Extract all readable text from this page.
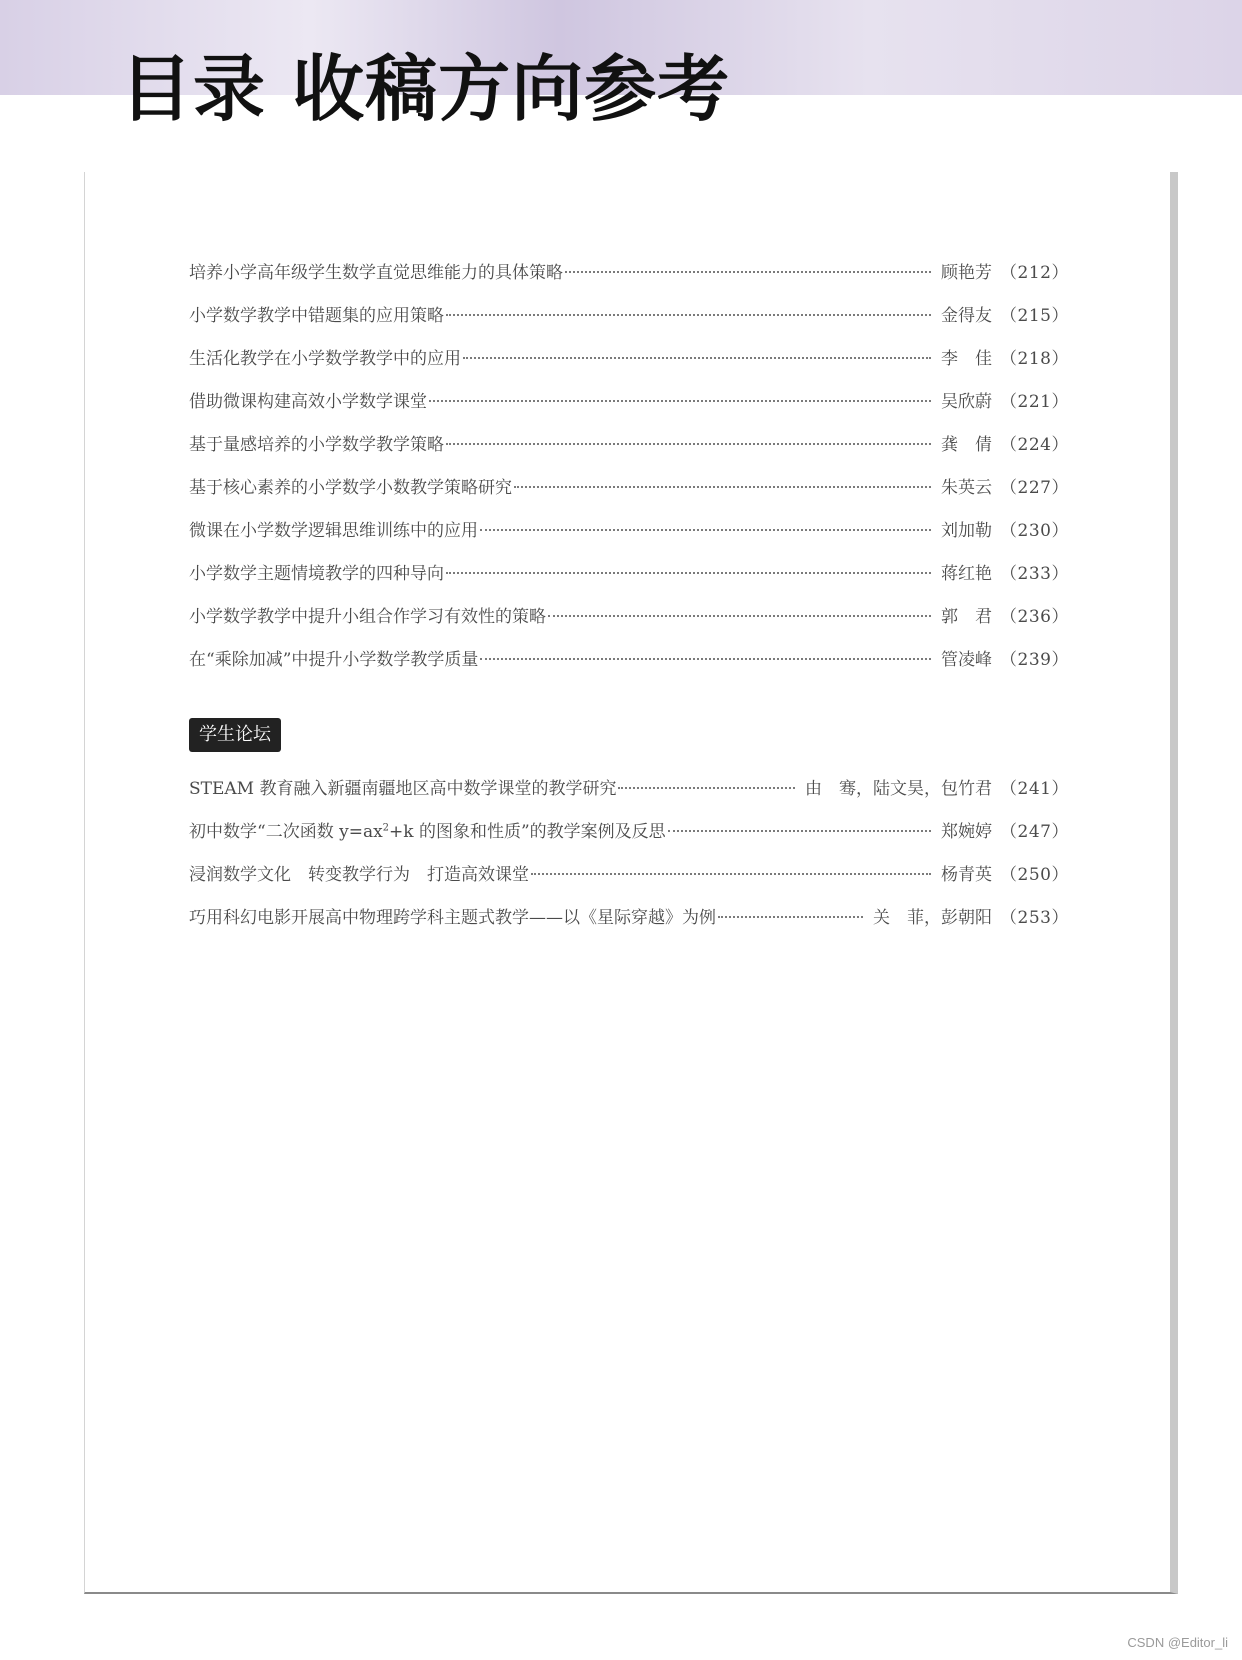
目录 收稿方向参考
培养小学高年级学生数学直觉思维能力的具体策略	顾艳芳 （212）
小学数学教学中错题集的应用策略	金得友 （215）
生活化教学在小学数学教学中的应用	李　佳 （218）
借助微课构建高效小学数学课堂	吴欣蔚 （221）
基于量感培养的小学数学教学策略	龚　倩 （224）
基于核心素养的小学数学小数教学策略研究	朱英云 （227）
微课在小学数学逻辑思维训练中的应用	刘加勒 （230）
小学数学主题情境教学的四种导向	蒋红艳 （233）
小学数学教学中提升小组合作学习有效性的策略	郭　君 （236）
在“乘除加减”中提升小学数学教学质量	管凌峰 （239）
学生论坛
STEAM 教育融入新疆南疆地区高中数学课堂的教学研究	由　骞，陆文昊，包竹君 （241）
初中数学“二次函数 $y=ax^2+k$ 的图象和性质”的教学案例及反思	郑婉婷 （247）
浸润数学文化　转变教学行为　打造高效课堂	杨青英 （250）
巧用科幻电影开展高中物理跨学科主题式教学——以《星际穿越》为例	关　菲，彭朝阳 （253）
CSDN @Editor_li
